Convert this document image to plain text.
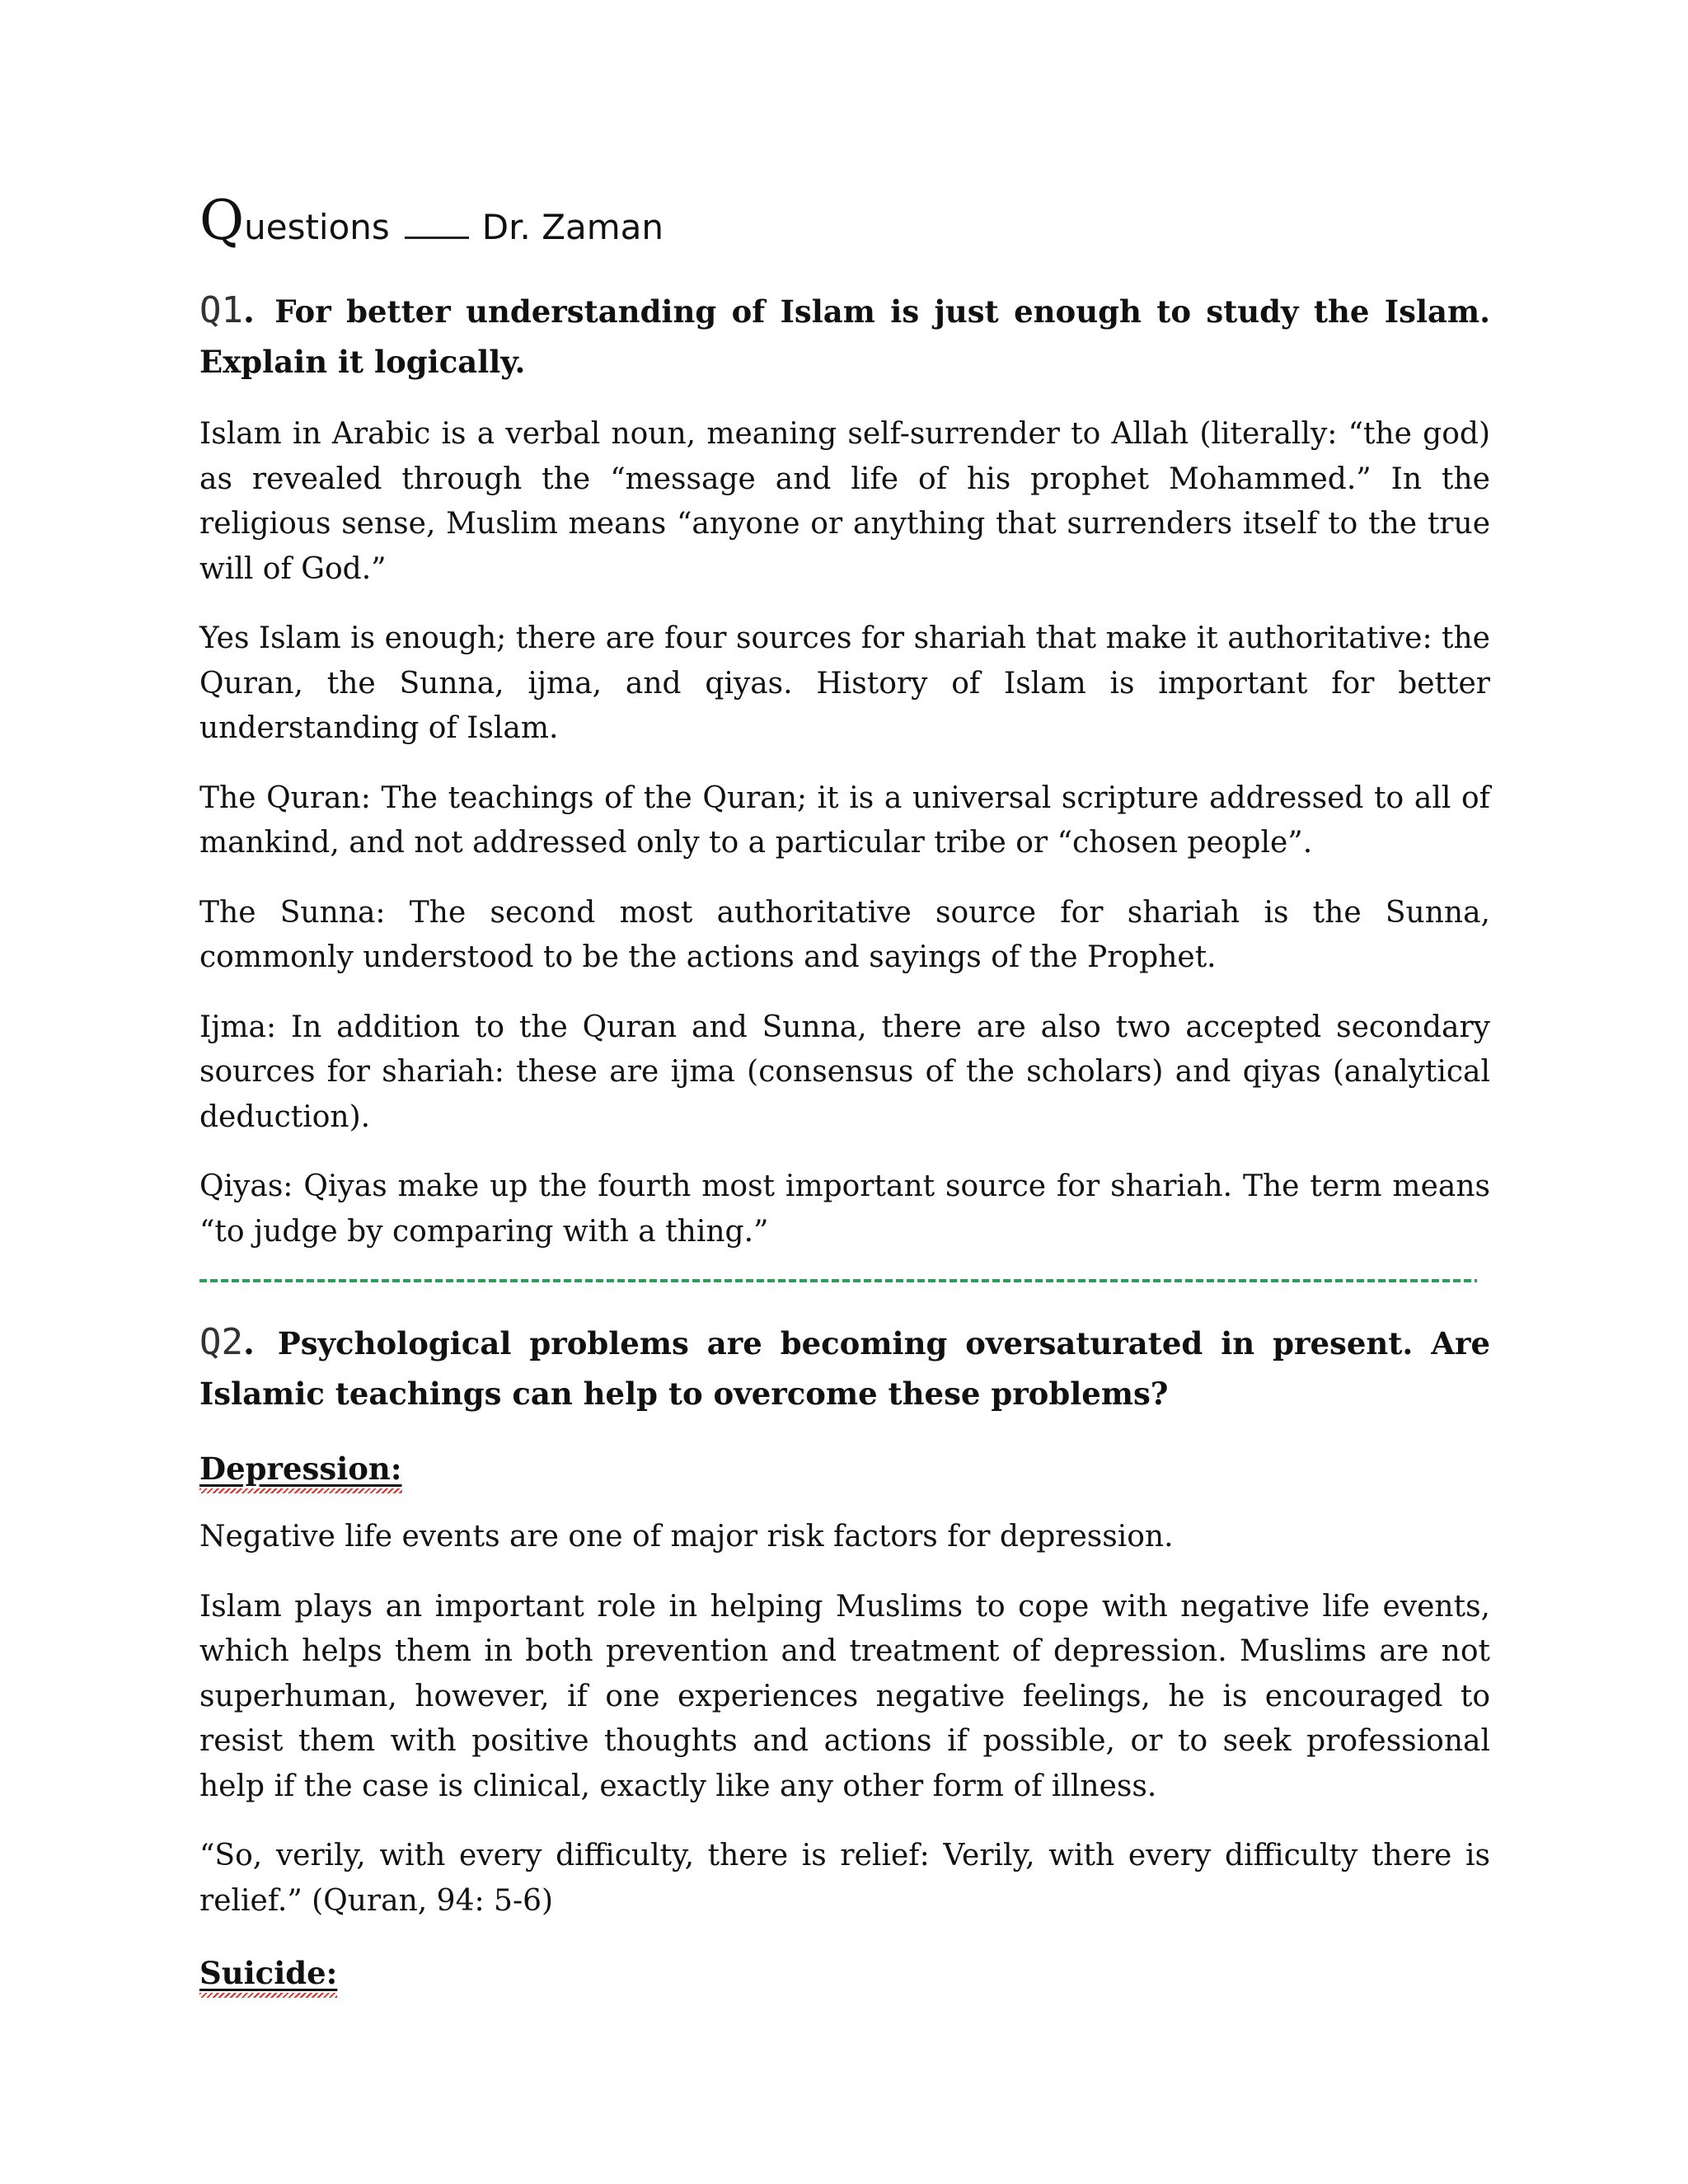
Questions	Dr. Zaman

Q1. For better understanding of Islam is just enough to study the Islam. Explain it logically.

Islam in Arabic is a verbal noun, meaning self-surrender to Allah (literally: “the god) as revealed through the “message and life of his prophet Mohammed.” In the religious sense, Muslim means “anyone or anything that surrenders itself to the true will of God.”

Yes Islam is enough; there are four sources for shariah that make it authoritative: the Quran, the Sunna, ijma, and qiyas. History of Islam is important for better understanding of Islam.

The Quran: The teachings of the Quran; it is a universal scripture addressed to all of mankind, and not addressed only to a particular tribe or “chosen people”.

The Sunna: The second most authoritative source for shariah is the Sunna, commonly understood to be the actions and sayings of the Prophet.

Ijma: In addition to the Quran and Sunna, there are also two accepted secondary sources for shariah: these are ijma (consensus of the scholars) and qiyas (analytical deduction).

Qiyas: Qiyas make up the fourth most important source for shariah. The term means “to judge by comparing with a thing.”

Q2. Psychological problems are becoming oversaturated in present. Are Islamic teachings can help to overcome these problems?

Depression:

Negative life events are one of major risk factors for depression.

Islam plays an important role in helping Muslims to cope with negative life events, which helps them in both prevention and treatment of depression. Muslims are not superhuman, however, if one experiences negative feelings, he is encouraged to resist them with positive thoughts and actions if possible, or to seek professional help if the case is clinical, exactly like any other form of illness.

“So, verily, with every difficulty, there is relief: Verily, with every difficulty there is relief.” (Quran, 94: 5-6)

Suicide:
